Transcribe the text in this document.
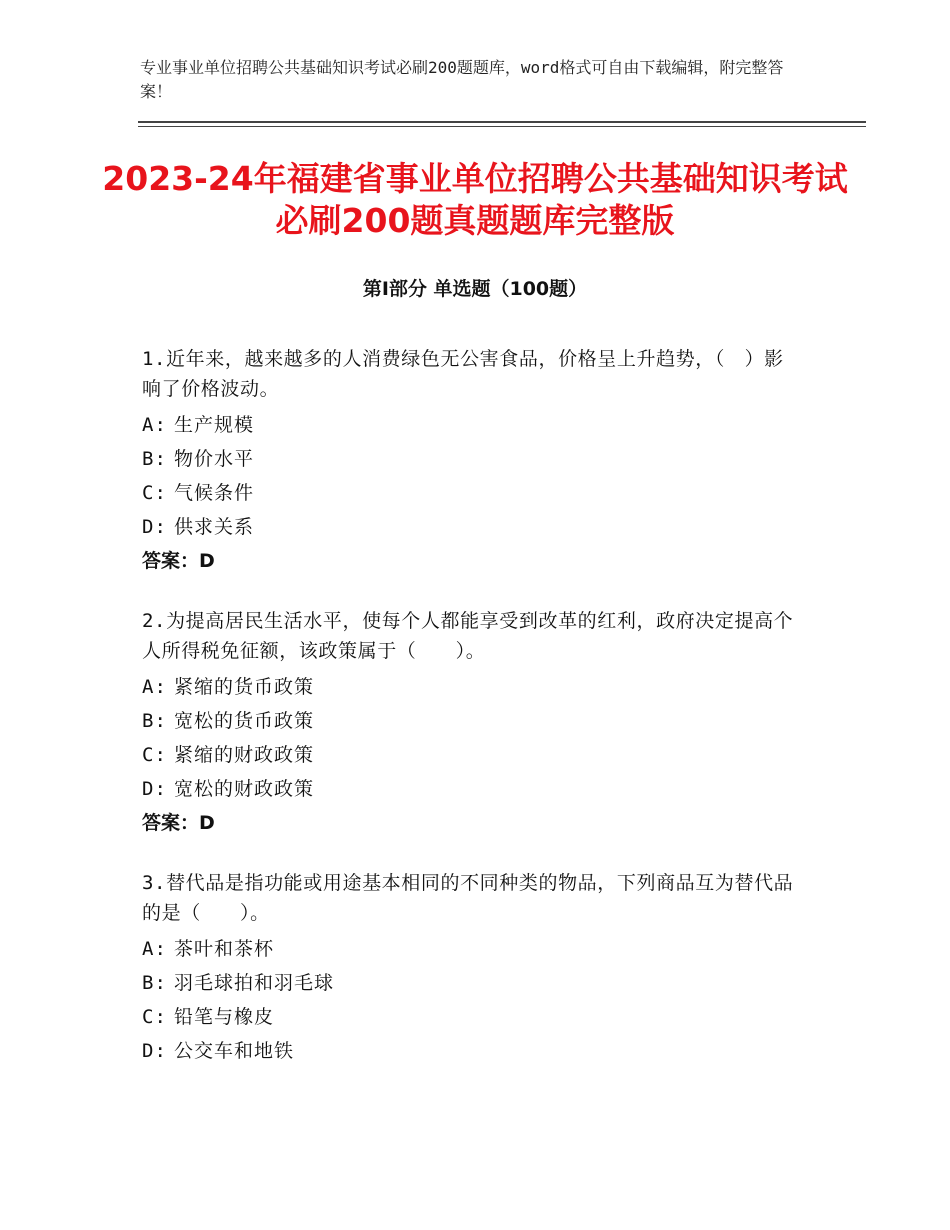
专业事业单位招聘公共基础知识考试必刷200题题库，word格式可自由下载编辑，附完整答案！
2023-24年福建省事业单位招聘公共基础知识考试必刷200题真题题库完整版
第Ⅰ部分 单选题（100题）
1.近年来，越来越多的人消费绿色无公害食品，价格呈上升趋势，（　）影响了价格波动。
A: 生产规模
B: 物价水平
C: 气候条件
D: 供求关系
答案：D
2.为提高居民生活水平，使每个人都能享受到改革的红利，政府决定提高个人所得税免征额，该政策属于（　　）。
A: 紧缩的货币政策
B: 宽松的货币政策
C: 紧缩的财政政策
D: 宽松的财政政策
答案：D
3.替代品是指功能或用途基本相同的不同种类的物品，下列商品互为替代品的是（　　）。
A: 茶叶和茶杯
B: 羽毛球拍和羽毛球
C: 铅笔与橡皮
D: 公交车和地铁
